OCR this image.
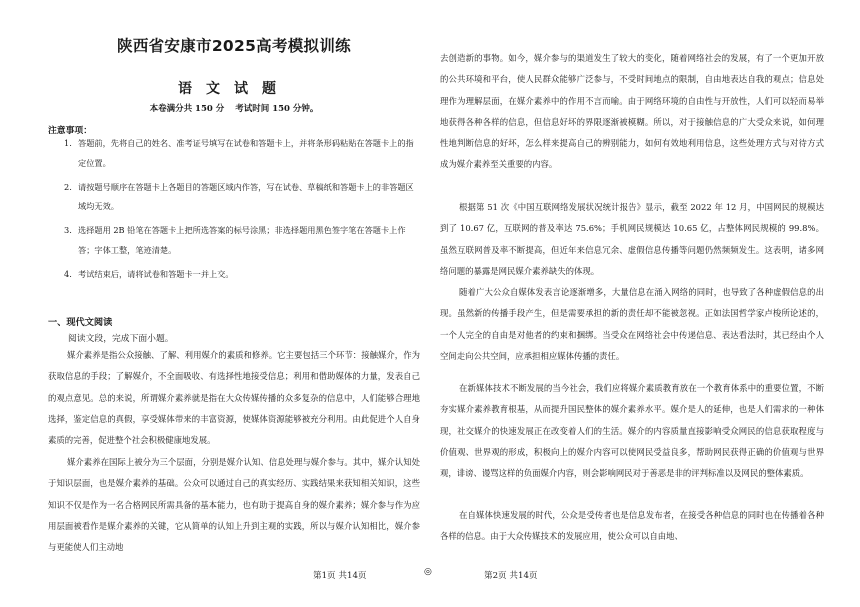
陕西省安康市2025高考模拟训练
语文试题
本卷满分共 150 分 考试时间 150 分钟。
注意事项：
1. 答题前，先将自己的姓名、准考证号填写在试卷和答题卡上，并将条形码粘贴在答题卡上的指定位置。
2. 请按题号顺序在答题卡上各题目的答题区域内作答，写在试卷、草稿纸和答题卡上的非答题区域均无效。
3. 选择题用 2B 铅笔在答题卡上把所选答案的标号涂黑；非选择题用黑色签字笔在答题卡上作答；字体工整，笔迹清楚。
4. 考试结束后，请将试卷和答题卡一并上交。
一、现代文阅读
阅读文段，完成下面小题。

媒介素养是指公众接触、了解、利用媒介的素质和修养。它主要包括三个环节：接触媒介，作为获取信息的手段；了解媒介，不全面吸收、有选择性地接受信息；利用和借助媒体的力量，发表自己的观点意见。总的来说，所谓媒介素养就是指在大众传媒传播的众多复杂的信息中，人们能够合理地选择，鉴定信息的真假，享受媒体带来的丰富资源，使媒体资源能够被充分利用。由此促进个人自身素质的完善，促进整个社会积极健康地发展。

媒介素养在国际上被分为三个层面，分别是媒介认知、信息处理与媒介参与。其中，媒介认知处于知识层面，也是媒介素养的基础。公众可以通过自己的真实经历、实践结果来获知相关知识，这些知识不仅是作为一名合格网民所需具备的基本能力，也有助于提高自身的媒介素养；媒介参与作为应用层面被看作是媒介素养的关键，它从简单的认知上升到主观的实践，所以与媒介认知相比，媒介参与更能使人们主动地

去创造新的事物。如今，媒介参与的渠道发生了较大的变化，随着网络社会的发展，有了一个更加开放的公共环境和平台，使人民群众能够广泛参与，不受时间地点的限制，自由地表达自我的观点；信息处理作为理解层面，在媒介素养中的作用不言而喻。由于网络环境的自由性与开放性，人们可以轻而易举地获得各种各样的信息，但信息好坏的界限逐渐被模糊。所以，对于接触信息的广大受众来说，如何理性地判断信息的好坏，怎么样来提高自己的辨别能力，如何有效地利用信息，这些处理方式与对待方式成为媒介素养至关重要的内容。

根据第 51 次《中国互联网络发展状况统计报告》显示，截至 2022 年 12 月，中国网民的规模达到了 10.67 亿，互联网的普及率达 75.6%；手机网民规模达 10.65 亿，占整体网民规模的 99.8%。虽然互联网普及率不断提高，但近年来信息冗余、虚假信息传播等问题仍然频频发生。这表明，诸多网络问题的暴露是网民媒介素养缺失的体现。

随着广大公众自媒体发表言论逐渐增多，大量信息在涌入网络的同时，也导致了各种虚假信息的出现。虽然新的传播手段产生，但是需要承担的新的责任却不能被忽视。正如法国哲学家卢梭所论述的，一个人完全的自由是对他者的约束和捆绑。当受众在网络社会中传递信息、表达看法时，其已经由个人空间走向公共空间，应承担相应媒体传播的责任。

在新媒体技术不断发展的当今社会，我们应将媒介素质教育放在一个教育体系中的重要位置，不断夯实媒介素养教育根基，从而提升国民整体的媒介素养水平。媒介是人的延伸，也是人们需求的一种体现，社交媒介的快速发展正在改变着人们的生活。媒介的内容质量直接影响受众网民的信息获取程度与价值观、世界观的形成，积极向上的媒介内容可以使网民受益良多，帮助网民获得正确的价值观与世界观，诽谤、谩骂这样的负面媒介内容，则会影响网民对于善恶是非的评判标准以及网民的整体素质。

在自媒体快速发展的时代，公众是受传者也是信息发布者，在接受各种信息的同时也在传播着各种各样的信息。由于大众传媒技术的发展应用，使公众可以自由地、

第1页 共14页	◎	第2页 共14页
